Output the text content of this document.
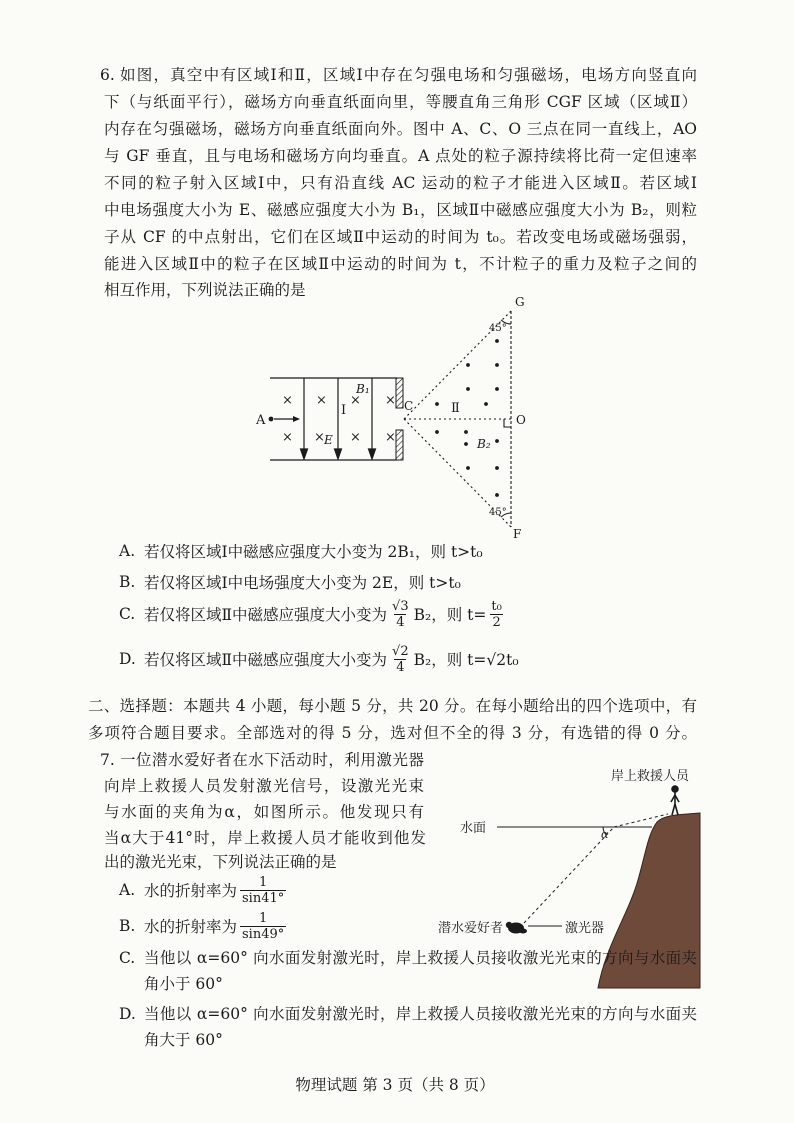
6. 如图，真空中有区域Ⅰ和Ⅱ，区域Ⅰ中存在匀强电场和匀强磁场，电场方向竖直向
下（与纸面平行），磁场方向垂直纸面向里，等腰直角三角形 CGF 区域（区域Ⅱ）
内存在匀强磁场，磁场方向垂直纸面向外。图中 A、C、O 三点在同一直线上，AO
与 GF 垂直，且与电场和磁场方向均垂直。A 点处的粒子源持续将比荷一定但速率
不同的粒子射入区域Ⅰ中，只有沿直线 AC 运动的粒子才能进入区域Ⅱ。若区域Ⅰ
中电场强度大小为 E、磁感应强度大小为 B₁，区域Ⅱ中磁感应强度大小为 B₂，则粒
子从 CF 的中点射出，它们在区域Ⅱ中运动的时间为 t₀。若改变电场或磁场强弱，
能进入区域Ⅱ中的粒子在区域Ⅱ中运动的时间为 t，不计粒子的重力及粒子之间的
相互作用，下列说法正确的是
× × × ×
× × × ×
B₁
Ⅰ
E
A
G
F
O
C
45°
45°
Ⅱ
B₂
A. 若仅将区域Ⅰ中磁感应强度大小变为 2B₁，则 t>t₀
B. 若仅将区域Ⅰ中电场强度大小变为 2E，则 t>t₀
C. 若仅将区域Ⅱ中磁感应强度大小变为 $\frac{√3}{4} B_2$，则 $t= \frac{\text{t₀}}{2}$
D. 若仅将区域Ⅱ中磁感应强度大小变为 $\frac{√2}{4} B_2$，则 t=√2t₀
二、选择题：本题共 4 小题，每小题 5 分，共 20 分。在每小题给出的四个选项中，有
多项符合题目要求。全部选对的得 5 分，选对但不全的得 3 分，有选错的得 0 分。
7. 一位潜水爱好者在水下活动时，利用激光器
向岸上救援人员发射激光信号，设激光光束
与水面的夹角为α，如图所示。他发现只有
当α大于41°时，岸上救援人员才能收到他发
出的激光光束，下列说法正确的是
岸上救援人员
水面	α
潜水爱好者	激光器
A. 水的折射率为 $\frac{1}{\sin 41^\circ}$
B. 水的折射率为 $\frac{1}{\sin 49^\circ}$
C. 当他以 α=60° 向水面发射激光时，岸上救援人员接收激光光束的方向与水面夹
角小于 60°
D. 当他以 α=60° 向水面发射激光时，岸上救援人员接收激光光束的方向与水面夹
角大于 60°
物理试题 第 3 页（共 8 页）
